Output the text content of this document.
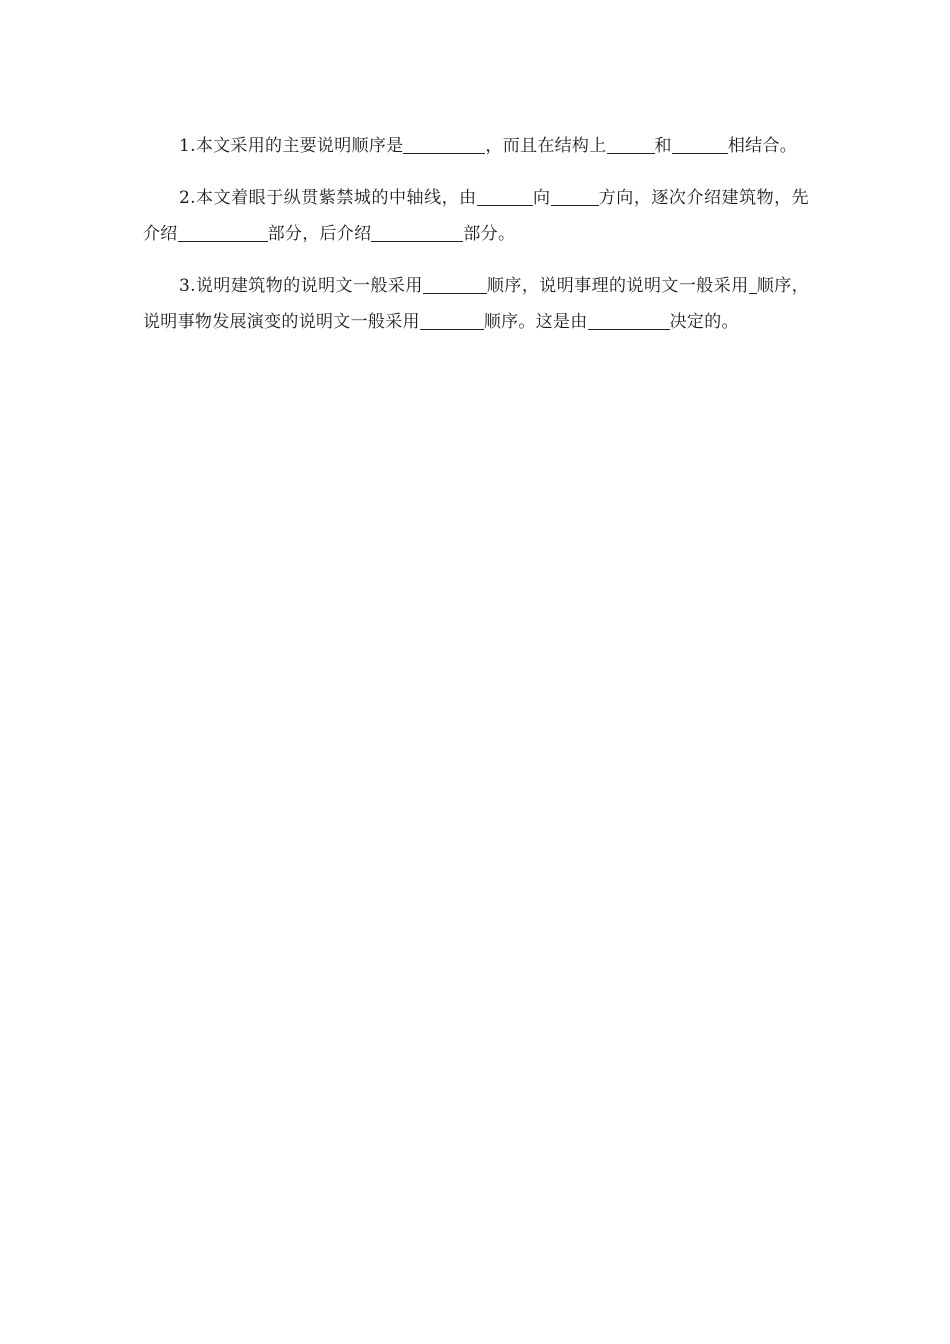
1.本文采用的主要说明顺序是	，而且在结构上	和	相结合。

2.本文着眼于纵贯紫禁城的中轴线，由	向	方向，逐次介绍建筑物，先介绍	部分，后介绍	部分。

3.说明建筑物的说明文一般采用	顺序，说明事理的说明文一般采用 顺序，说明事物发展演变的说明文一般采用	顺序。这是由	决定的。
